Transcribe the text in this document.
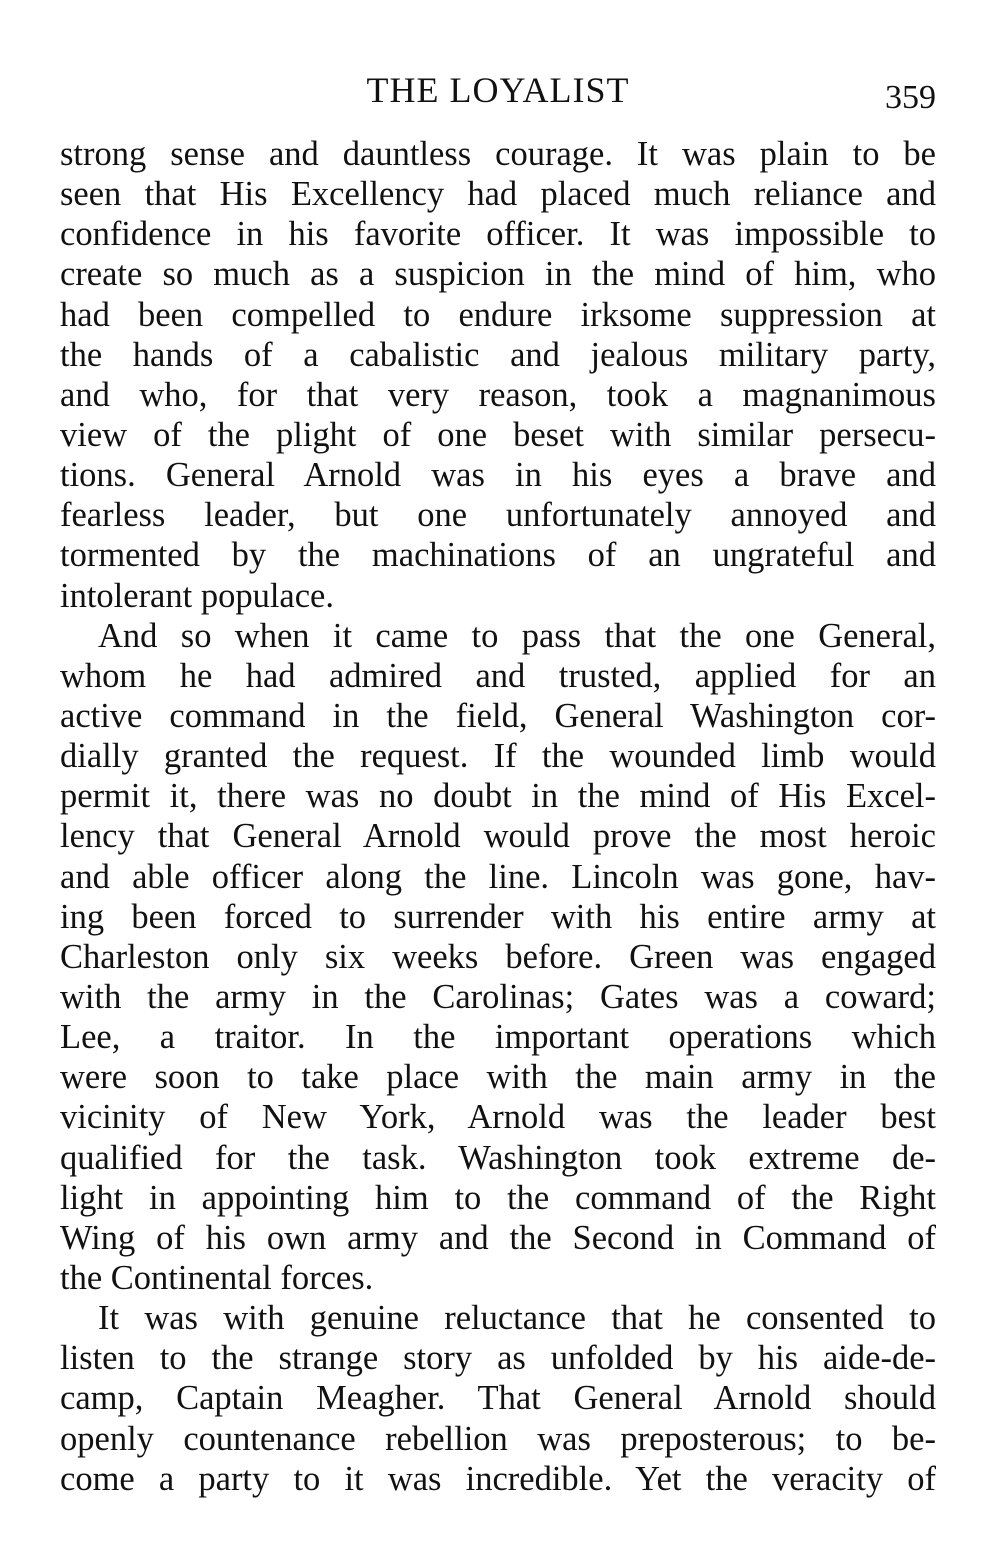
THE LOYALIST	359
strong sense and dauntless courage. It was plain to be
seen that His Excellency had placed much reliance and
confidence in his favorite officer. It was impossible to
create so much as a suspicion in the mind of him, who
had been compelled to endure irksome suppression at
the hands of a cabalistic and jealous military party,
and who, for that very reason, took a magnanimous
view of the plight of one beset with similar persecu-
tions. General Arnold was in his eyes a brave and
fearless leader, but one unfortunately annoyed and
tormented by the machinations of an ungrateful and
intolerant populace.
And so when it came to pass that the one General,
whom he had admired and trusted, applied for an
active command in the field, General Washington cor-
dially granted the request. If the wounded limb would
permit it, there was no doubt in the mind of His Excel-
lency that General Arnold would prove the most heroic
and able officer along the line. Lincoln was gone, hav-
ing been forced to surrender with his entire army at
Charleston only six weeks before. Green was engaged
with the army in the Carolinas; Gates was a coward;
Lee, a traitor. In the important operations which
were soon to take place with the main army in the
vicinity of New York, Arnold was the leader best
qualified for the task. Washington took extreme de-
light in appointing him to the command of the Right
Wing of his own army and the Second in Command of
the Continental forces.
It was with genuine reluctance that he consented to
listen to the strange story as unfolded by his aide-de-
camp, Captain Meagher. That General Arnold should
openly countenance rebellion was preposterous; to be-
come a party to it was incredible. Yet the veracity of
